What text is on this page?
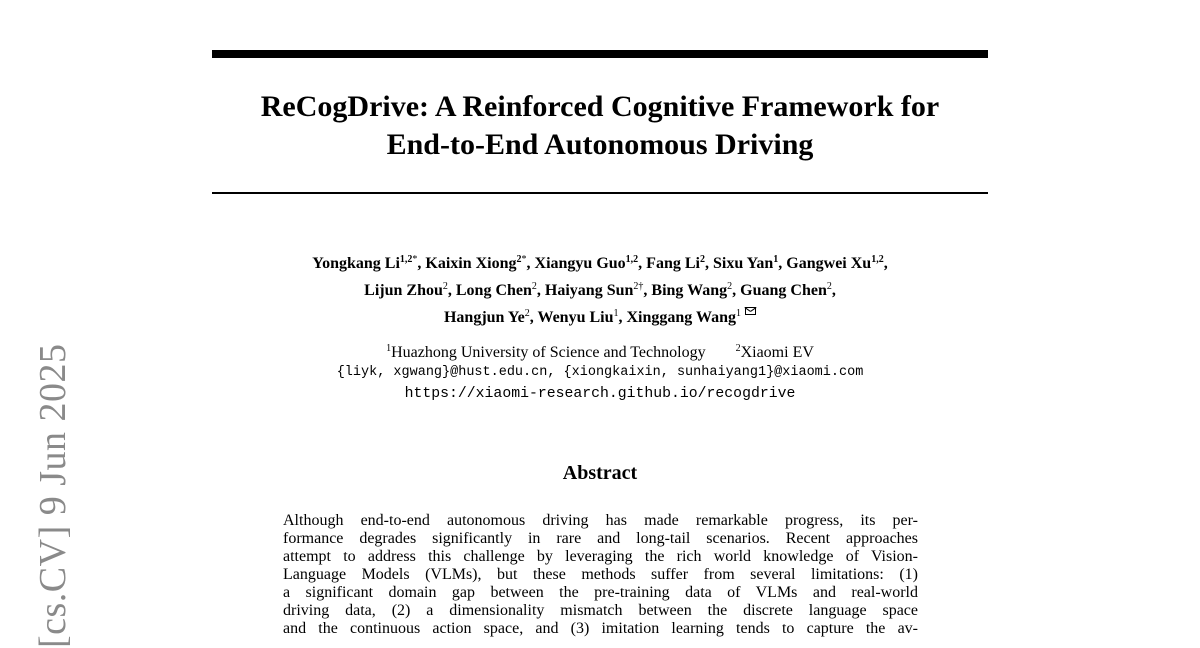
ReCogDrive: A Reinforced Cognitive Framework for
End-to-End Autonomous Driving
Yongkang $Li^{1,2*}$, Kaixin Xiong$^{2*}$, Xiangyu Guo$^{1,2}$, Fang Li$^2$, Sixu Yan$^1$, Gangwei Xu$^{1,2}$,
Lijun Zhou$^2$, Long Chen$^2$, Haiyang Sun$^{2\dagger}$, Bing Wang$^2$, Guang Chen$^2$,
Hangjun Ye$^2$, Wenyu Liu$^1$, Xinggang Wang$^1$
$^1$Huazhong University of Science and Technology	$^2$Xiaomi EV
{liyk, xgwang}@hust.edu.cn, {xiongkaixin, sunhaiyang1}@xiaomi.com
https://xiaomi-research.github.io/recogdrive
Abstract
Although end-to-end autonomous driving has made remarkable progress, its per-
formance degrades significantly in rare and long-tail scenarios. Recent approaches
attempt to address this challenge by leveraging the rich world knowledge of Vision-
Language Models (VLMs), but these methods suffer from several limitations: (1)
a significant domain gap between the pre-training data of VLMs and real-world
driving data, (2) a dimensionality mismatch between the discrete language space
and the continuous action space, and (3) imitation learning tends to capture the av-
[cs.CV] 9 Jun 2025
